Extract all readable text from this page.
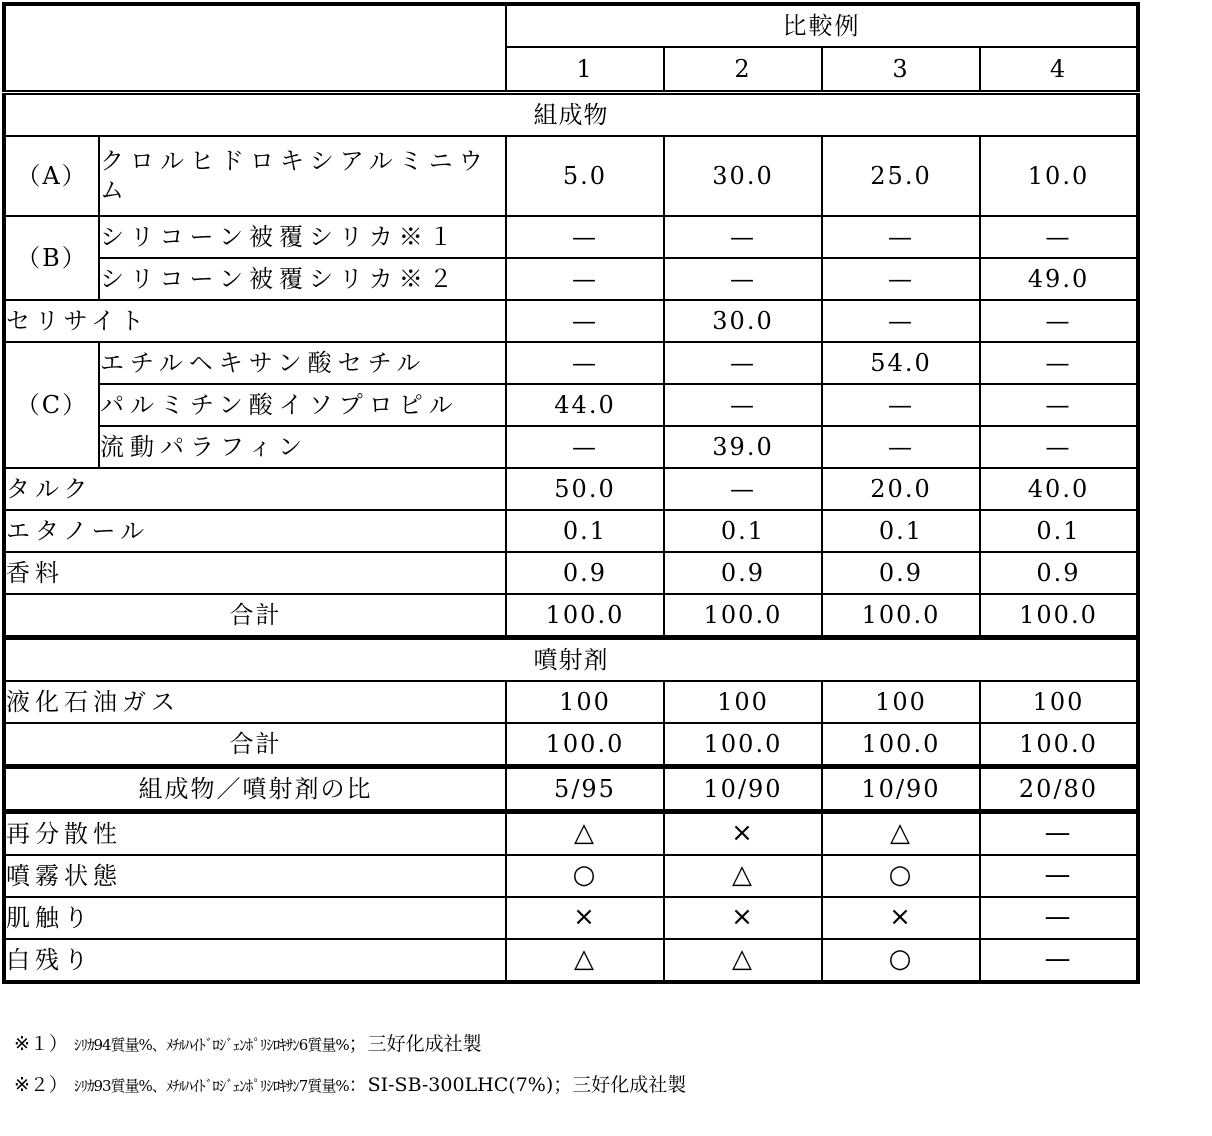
		比較例			
		1	2	3	4
組成物					
（A）	クロルヒドロキシアルミニウム	5.0	30.0	25.0	10.0
（B）	シリコーン被覆シリカ※１	—	—	—	—
	シリコーン被覆シリカ※２	—	—	—	49.0
セリサイト		—	30.0	—	—
（C）	エチルヘキサン酸セチル	—	—	54.0	—
	パルミチン酸イソプロピル	44.0	—	—	—
	流動パラフィン	—	39.0	—	—
タルク		50.0	—	20.0	40.0
エタノール		0.1	0.1	0.1	0.1
香料		0.9	0.9	0.9	0.9
合計		100.0	100.0	100.0	100.0
噴射剤					
液化石油ガス		100	100	100	100
合計		100.0	100.0	100.0	100.0
組成物／噴射剤の比		5/95	10/90	10/90	20/80
再分散性		△	×	△	—
噴霧状態		○	△	○	—
肌触り		×	×	×	—
白残り		△	△	○	—
※１） ｼﾘｶ94質量%、ﾒﾁﾙﾊｲﾄﾞﾛｼﾞｪﾝﾎﾟﾘｼﾛｷｻﾝ6質量%；三好化成社製
※２） ｼﾘｶ93質量%、ﾒﾁﾙﾊｲﾄﾞﾛｼﾞｪﾝﾎﾟﾘｼﾛｷｻﾝ7質量%：SI-SB-300LHC(7%)；三好化成社製
